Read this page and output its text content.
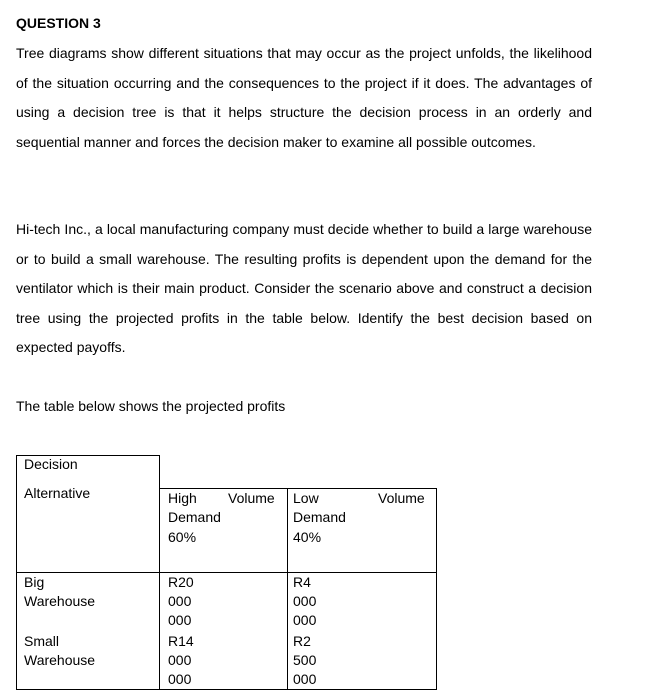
QUESTION 3
Tree diagrams show different situations that may occur as the project unfolds, the likelihood of the situation occurring and the consequences to the project if it does. The advantages of using a decision tree is that it helps structure the decision process in an orderly and sequential manner and forces the decision maker to examine all possible outcomes.
Hi-tech Inc., a local manufacturing company must decide whether to build a large warehouse or to build a small warehouse. The resulting profits is dependent upon the demand for the ventilator which is their main product. Consider the scenario above and construct a decision tree using the projected profits in the table below. Identify the best decision based on expected payoffs.
The table below shows the projected profits
Decision
Alternative	High Volume
Demand
60%
Low	Volume
Demand
40%
Big Warehouse
R20 000 000
R4 000 000
Small Warehouse
R14 000 000
R2 500 000
